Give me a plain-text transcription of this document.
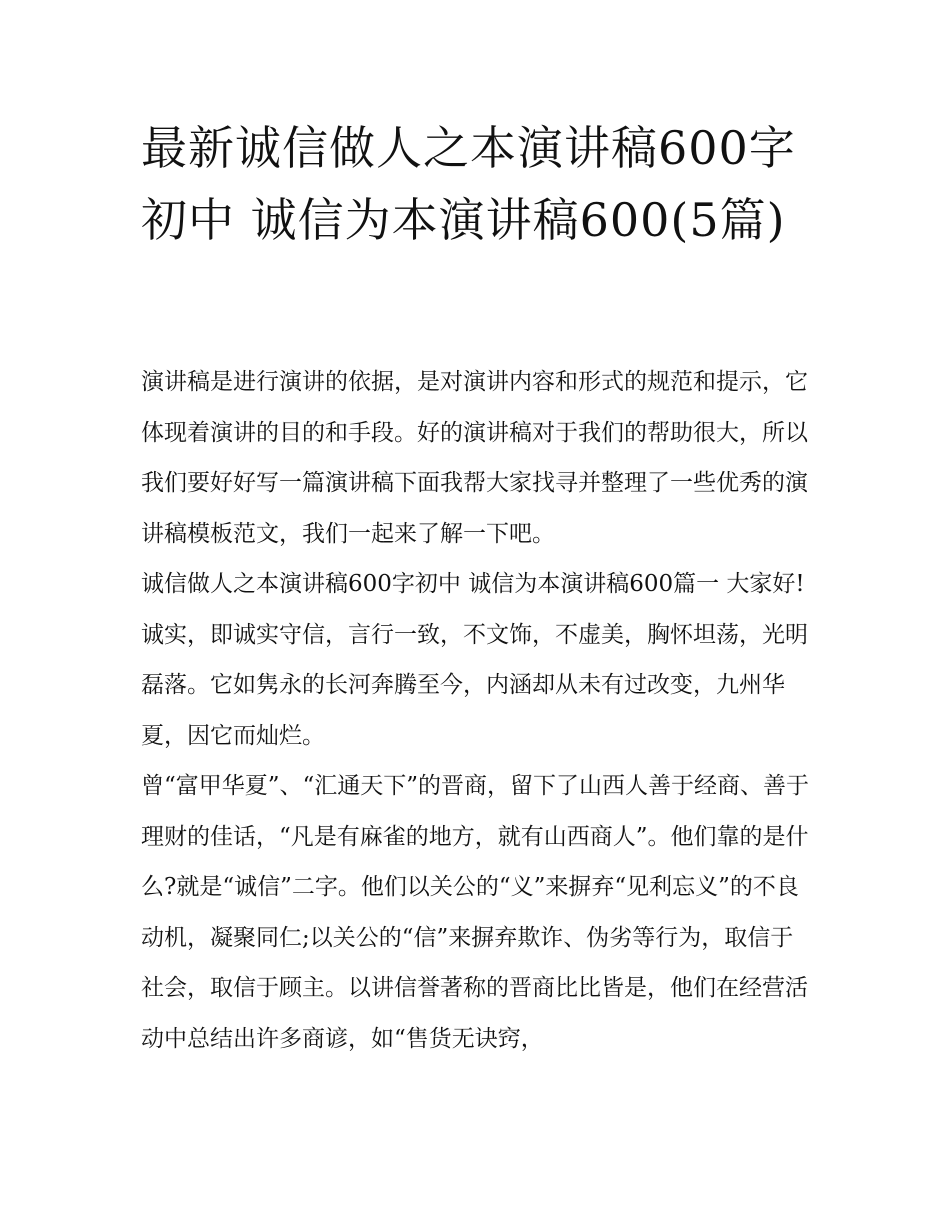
最新诚信做人之本演讲稿600字初中 诚信为本演讲稿600(5篇)

演讲稿是进行演讲的依据，是对演讲内容和形式的规范和提示，它体现着演讲的目的和手段。好的演讲稿对于我们的帮助很大，所以我们要好好写一篇演讲稿下面我帮大家找寻并整理了一些优秀的演讲稿模板范文，我们一起来了解一下吧。

诚信做人之本演讲稿600字初中 诚信为本演讲稿600篇一 大家好!

诚实，即诚实守信，言行一致，不文饰，不虚美，胸怀坦荡，光明磊落。它如隽永的长河奔腾至今，内涵却从未有过改变，九州华夏，因它而灿烂。

曾“富甲华夏”、“汇通天下”的晋商，留下了山西人善于经商、善于理财的佳话，“凡是有麻雀的地方，就有山西商人”。他们靠的是什么?就是“诚信”二字。他们以关公的“义”来摒弃“见利忘义”的不良动机，凝聚同仁;以关公的“信”来摒弃欺诈、伪劣等行为，取信于社会，取信于顾主。以讲信誉著称的晋商比比皆是，他们在经营活动中总结出许多商谚，如“售货无诀窍，
